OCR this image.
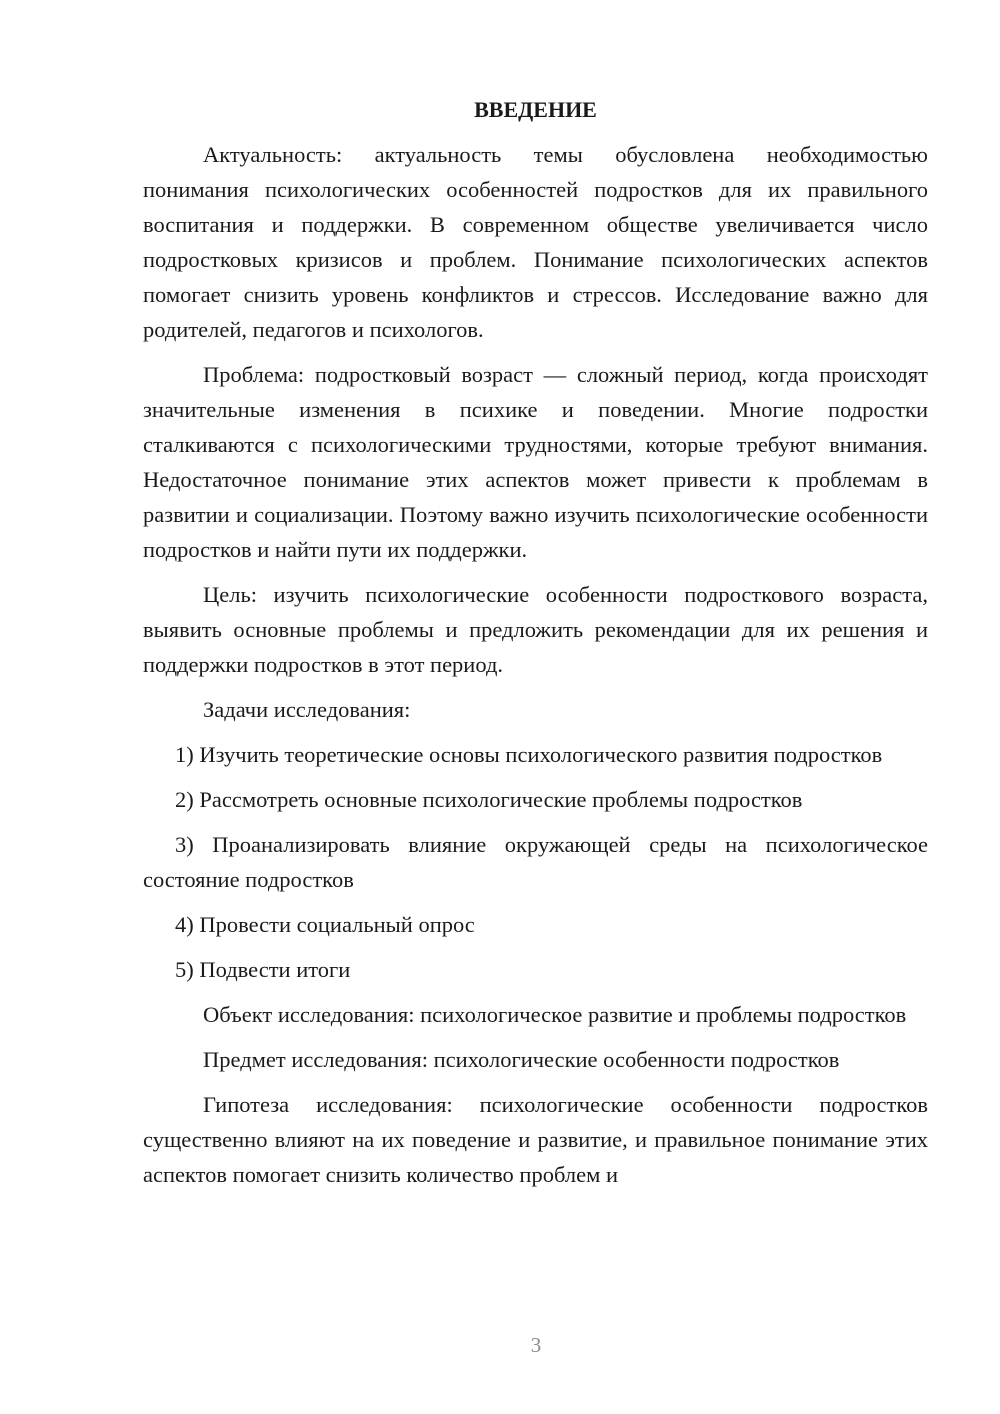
ВВЕДЕНИЕ

Актуальность: актуальность темы обусловлена необходимостью понимания психологических особенностей подростков для их правильного воспитания и поддержки. В современном обществе увеличивается число подростковых кризисов и проблем. Понимание психологических аспектов помогает снизить уровень конфликтов и стрессов. Исследование важно для родителей, педагогов и психологов.

Проблема: подростковый возраст — сложный период, когда происходят значительные изменения в психике и поведении. Многие подростки сталкиваются с психологическими трудностями, которые требуют внимания. Недостаточное понимание этих аспектов может привести к проблемам в развитии и социализации. Поэтому важно изучить психологические особенности подростков и найти пути их поддержки.

Цель: изучить психологические особенности подросткового возраста, выявить основные проблемы и предложить рекомендации для их решения и поддержки подростков в этот период.

Задачи исследования:

1) Изучить теоретические основы психологического развития подростков

2) Рассмотреть основные психологические проблемы подростков

3) Проанализировать влияние окружающей среды на психологическое состояние подростков

4) Провести социальный опрос

5) Подвести итоги

Объект исследования: психологическое развитие и проблемы подростков

Предмет исследования: психологические особенности подростков

Гипотеза исследования: психологические особенности подростков существенно влияют на их поведение и развитие, и правильное понимание этих аспектов помогает снизить количество проблем и

3
